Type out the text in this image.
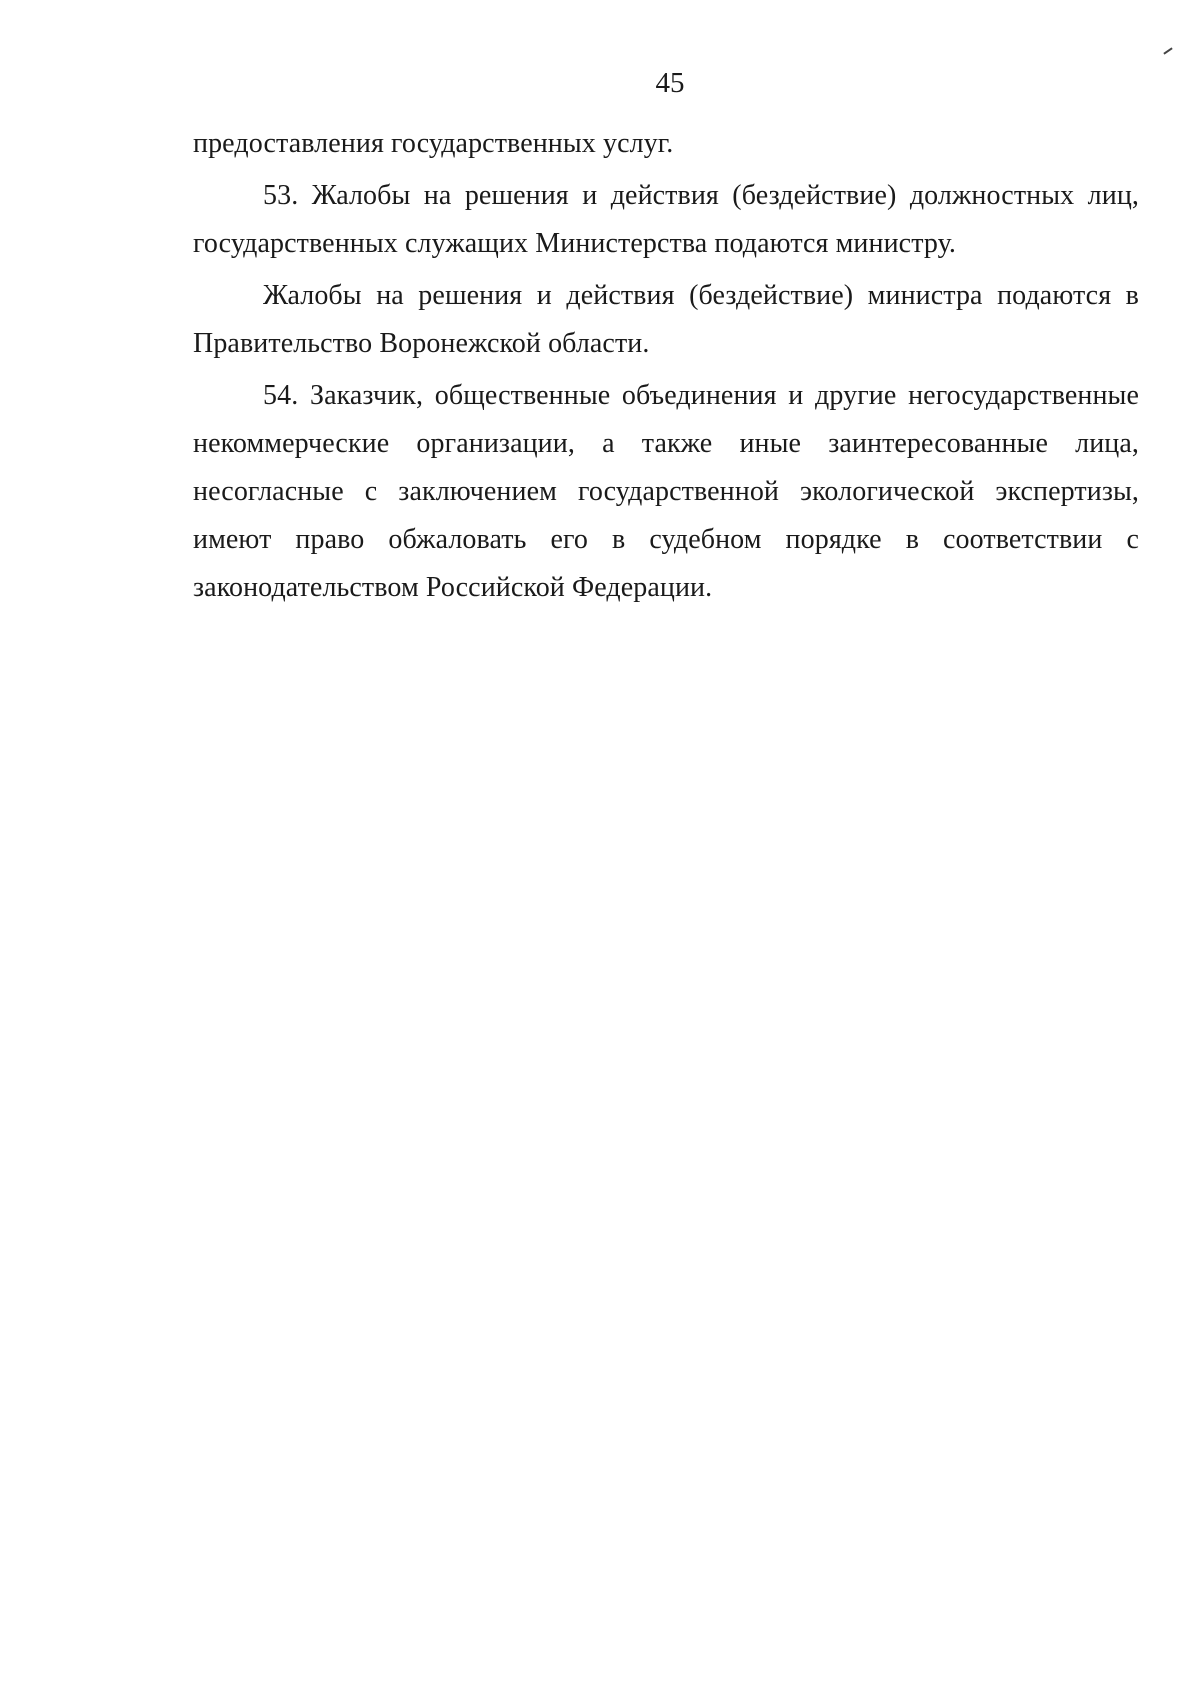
45

предоставления государственных услуг.

53. Жалобы на решения и действия (бездействие) должностных лиц, государственных служащих Министерства подаются министру.

Жалобы на решения и действия (бездействие) министра подаются в Правительство Воронежской области.

54. Заказчик, общественные объединения и другие негосударственные некоммерческие организации, а также иные заинтересованные лица, несогласные с заключением государственной экологической экспертизы, имеют право обжаловать его в судебном порядке в соответствии с законодательством Российской Федерации.
